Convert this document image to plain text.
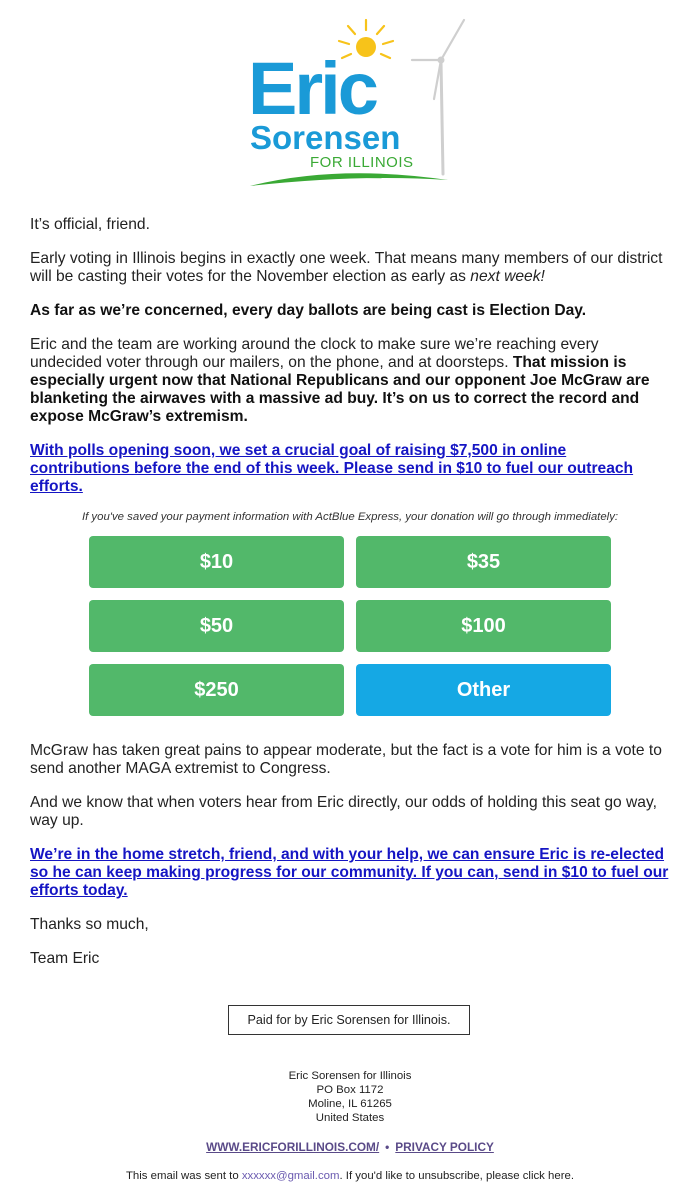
Eric
Sorensen
FOR ILLINOIS

It’s official, friend.

Early voting in Illinois begins in exactly one week. That means many members of our district will be casting their votes for the November election as early as next week!

As far as we’re concerned, every day ballots are being cast is Election Day.

Eric and the team are working around the clock to make sure we’re reaching every undecided voter through our mailers, on the phone, and at doorsteps. That mission is especially urgent now that National Republicans and our opponent Joe McGraw are blanketing the airwaves with a massive ad buy. It’s on us to correct the record and expose McGraw’s extremism.

With polls opening soon, we set a crucial goal of raising $7,500 in online contributions before the end of this week. Please send in $10 to fuel our outreach efforts.

If you've saved your payment information with ActBlue Express, your donation will go through immediately:
$10	$35
$50	$100
$250	Other

McGraw has taken great pains to appear moderate, but the fact is a vote for him is a vote to send another MAGA extremist to Congress.

And we know that when voters hear from Eric directly, our odds of holding this seat go way, way up.

We’re in the home stretch, friend, and with your help, we can ensure Eric is re-elected so he can keep making progress for our community. If you can, send in $10 to fuel our efforts today.

Thanks so much,

Team Eric

Paid for by Eric Sorensen for Illinois.
Eric Sorensen for Illinois
PO Box 1172
Moline, IL 61265
United States
WWW.ERICFORILLINOIS.COM/ • PRIVACY POLICY
This email was sent to xxxxxx@gmail.com. If you'd like to unsubscribe, please click here.
